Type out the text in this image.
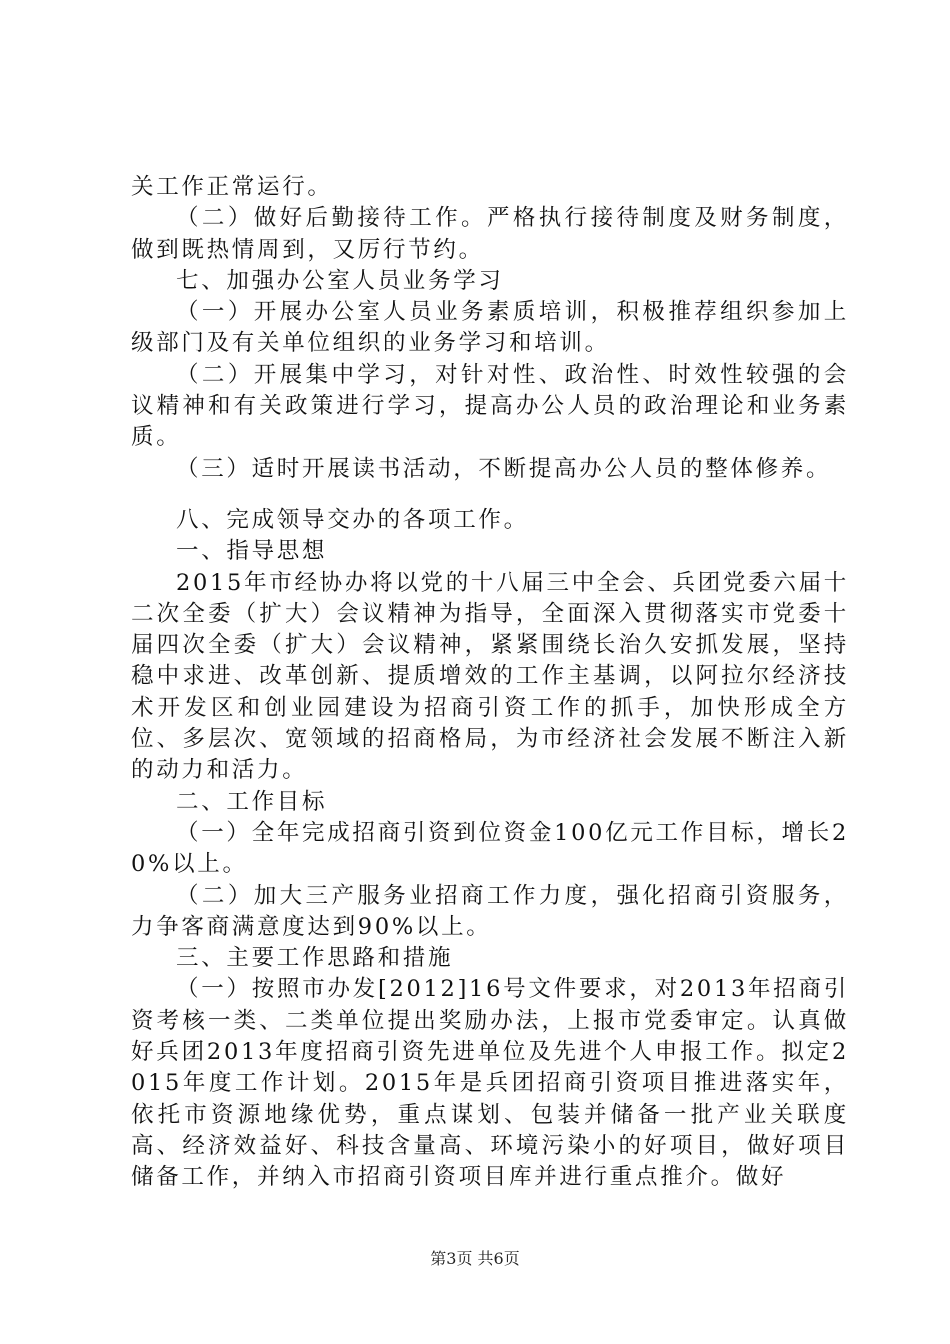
关工作正常运行。

（二）做好后勤接待工作。严格执行接待制度及财务制度，做到既热情周到，又厉行节约。

七、加强办公室人员业务学习

（一）开展办公室人员业务素质培训，积极推荐组织参加上级部门及有关单位组织的业务学习和培训。

（二）开展集中学习，对针对性、政治性、时效性较强的会议精神和有关政策进行学习，提高办公人员的政治理论和业务素质。

（三）适时开展读书活动，不断提高办公人员的整体修养。

八、完成领导交办的各项工作。

一、指导思想

2015年市经协办将以党的十八届三中全会、兵团党委六届十二次全委（扩大）会议精神为指导，全面深入贯彻落实市党委十届四次全委（扩大）会议精神，紧紧围绕长治久安抓发展，坚持稳中求进、改革创新、提质增效的工作主基调，以阿拉尔经济技术开发区和创业园建设为招商引资工作的抓手，加快形成全方位、多层次、宽领域的招商格局，为市经济社会发展不断注入新的动力和活力。

二、工作目标

（一）全年完成招商引资到位资金100亿元工作目标，增长20%以上。

（二）加大三产服务业招商工作力度，强化招商引资服务，力争客商满意度达到90%以上。

三、主要工作思路和措施

（一）按照市办发[2012]16号文件要求，对2013年招商引资考核一类、二类单位提出奖励办法，上报市党委审定。认真做好兵团2013年度招商引资先进单位及先进个人申报工作。拟定2015年度工作计划。2015年是兵团招商引资项目推进落实年，依托市资源地缘优势，重点谋划、包装并储备一批产业关联度高、经济效益好、科技含量高、环境污染小的好项目，做好项目储备工作，并纳入市招商引资项目库并进行重点推介。做好

第3页 共6页
